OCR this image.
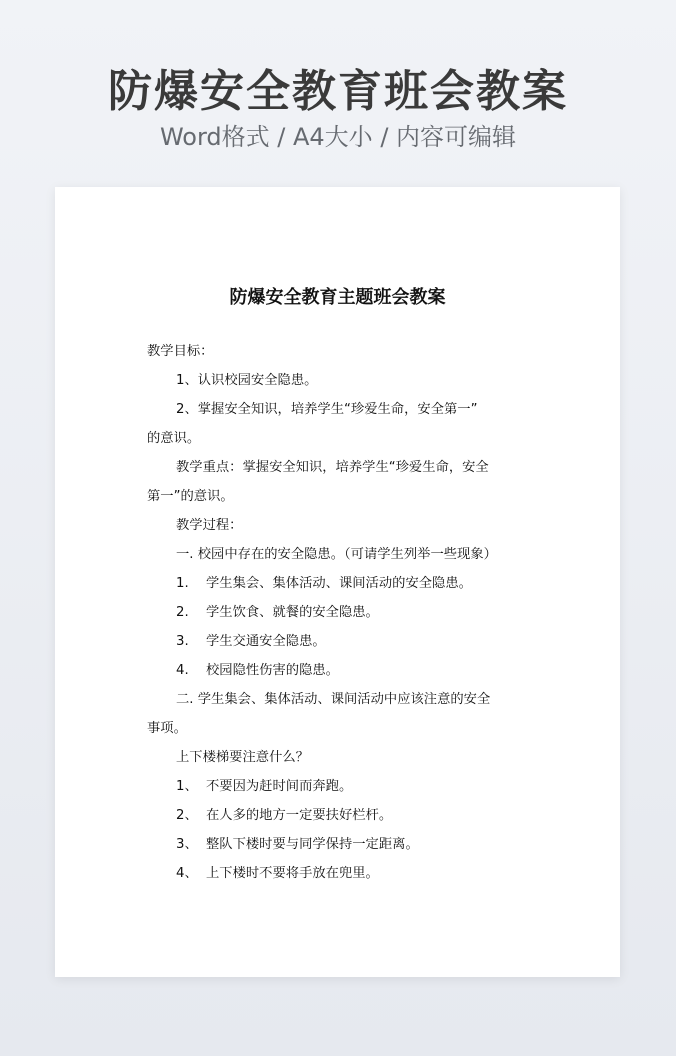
防爆安全教育班会教案
Word格式 / A4大小 / 内容可编辑
防爆安全教育主题班会教案

教学目标：

1、认识校园安全隐患。

2、掌握安全知识，培养学生“珍爱生命，安全第一”

的意识。

教学重点：掌握安全知识，培养学生“珍爱生命，安全

第一”的意识。

教学过程：

一. 校园中存在的安全隐患。（可请学生列举一些现象）

1. 学生集会、集体活动、课间活动的安全隐患。

2. 学生饮食、就餐的安全隐患。

3. 学生交通安全隐患。

4. 校园隐性伤害的隐患。

二. 学生集会、集体活动、课间活动中应该注意的安全

事项。

上下楼梯要注意什么？

1、 不要因为赶时间而奔跑。

2、 在人多的地方一定要扶好栏杆。

3、 整队下楼时要与同学保持一定距离。

4、 上下楼时不要将手放在兜里。
